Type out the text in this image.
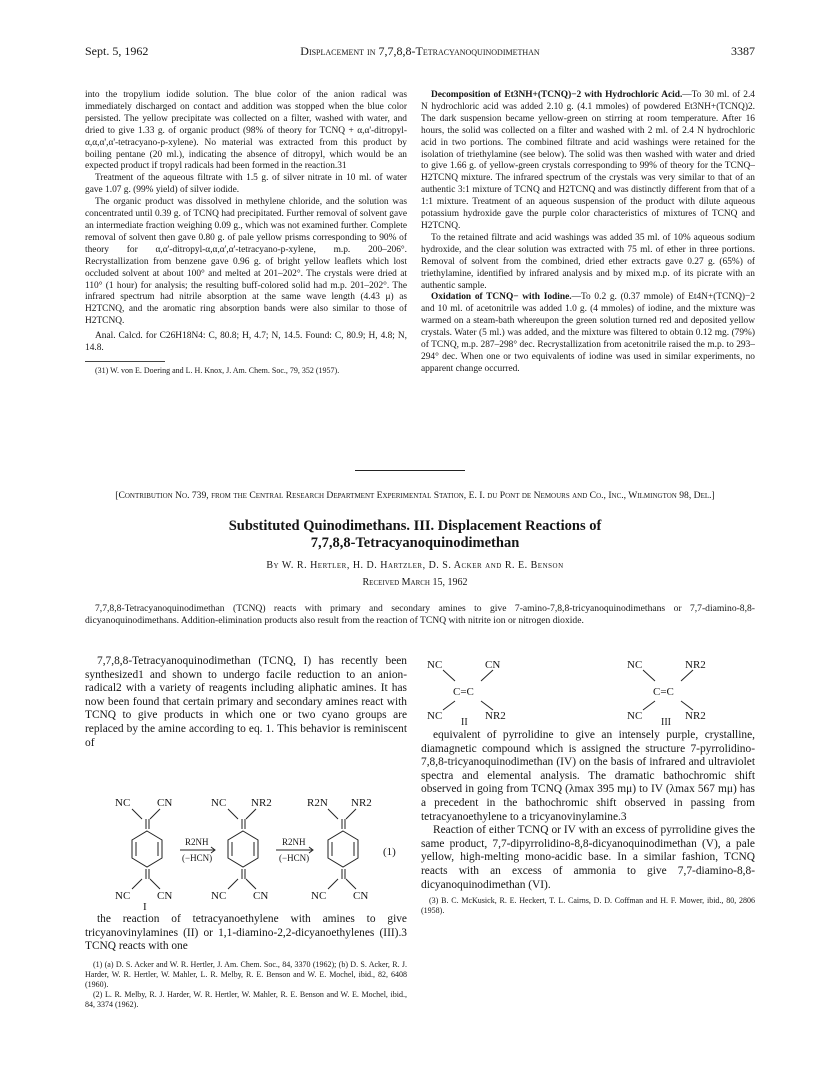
Sept. 5, 1962	Displacement in 7,7,8,8-Tetracyanoquinodimethan	3387

into the tropylium iodide solution. The blue color of the anion radical was immediately discharged on contact and addition was stopped when the blue color persisted. The yellow precipitate was collected on a filter, washed with water, and dried to give 1.33 g. of organic product (98% of theory for TCNQ + α,α'-ditropyl-α,α,α',α'-tetracyano-p-xylene). No material was extracted from this product by boiling pentane (20 ml.), indicating the absence of ditropyl, which would be an expected product if tropyl radicals had been formed in the reaction.31

Treatment of the aqueous filtrate with 1.5 g. of silver nitrate in 10 ml. of water gave 1.07 g. (99% yield) of silver iodide.

The organic product was dissolved in methylene chloride, and the solution was concentrated until 0.39 g. of TCNQ had precipitated. Further removal of solvent gave an intermediate fraction weighing 0.09 g., which was not examined further. Complete removal of solvent then gave 0.80 g. of pale yellow prisms corresponding to 90% of theory for α,α'-ditropyl-α,α,α',α'-tetracyano-p-xylene, m.p. 200–206°. Recrystallization from benzene gave 0.96 g. of bright yellow leaflets which lost occluded solvent at about 100° and melted at 201–202°. The crystals were dried at 110° (1 hour) for analysis; the resulting buff-colored solid had m.p. 201–202°. The infrared spectrum had nitrile absorption at the same wave length (4.43 μ) as H2TCNQ, and the aromatic ring absorption bands were also similar to those of H2TCNQ.

Anal. Calcd. for C26H18N4: C, 80.8; H, 4.7; N, 14.5. Found: C, 80.9; H, 4.8; N, 14.8.

(31) W. von E. Doering and L. H. Knox, J. Am. Chem. Soc., 79, 352 (1957).

Decomposition of Et3NH+(TCNQ)−2 with Hydrochloric Acid.—To 30 ml. of 2.4 N hydrochloric acid was added 2.10 g. (4.1 mmoles) of powdered Et3NH+(TCNQ)2. The dark suspension became yellow-green on stirring at room temperature. After 16 hours, the solid was collected on a filter and washed with 2 ml. of 2.4 N hydrochloric acid in two portions. The combined filtrate and acid washings were retained for the isolation of triethylamine (see below). The solid was then washed with water and dried to give 1.66 g. of yellow-green crystals corresponding to 99% of theory for the TCNQ–H2TCNQ mixture. The infrared spectrum of the crystals was very similar to that of an authentic 3:1 mixture of TCNQ and H2TCNQ and was distinctly different from that of a 1:1 mixture. Treatment of an aqueous suspension of the product with dilute aqueous potassium hydroxide gave the purple color characteristics of mixtures of TCNQ and H2TCNQ.

To the retained filtrate and acid washings was added 35 ml. of 10% aqueous sodium hydroxide, and the clear solution was extracted with 75 ml. of ether in three portions. Removal of solvent from the combined, dried ether extracts gave 0.27 g. (65%) of triethylamine, identified by infrared analysis and by mixed m.p. of its picrate with an authentic sample.

Oxidation of TCNQ− with Iodine.—To 0.2 g. (0.37 mmole) of Et4N+(TCNQ)−2 and 10 ml. of acetonitrile was added 1.0 g. (4 mmoles) of iodine, and the mixture was warmed on a steam-bath whereupon the green solution turned red and deposited yellow crystals. Water (5 ml.) was added, and the mixture was filtered to obtain 0.12 mg. (79%) of TCNQ, m.p. 287–298° dec. Recrystallization from acetonitrile raised the m.p. to 293–294° dec. When one or two equivalents of iodine was used in similar experiments, no apparent change occurred.

[Contribution No. 739, from the Central Research Department Experimental Station, E. I. du Pont de Nemours and Co., Inc., Wilmington 98, Del.]
Substituted Quinodimethans. III. Displacement Reactions of
7,7,8,8-Tetracyanoquinodimethan
By W. R. Hertler, H. D. Hartzler, D. S. Acker and R. E. Benson
Received March 15, 1962
7,7,8,8-Tetracyanoquinodimethan (TCNQ) reacts with primary and secondary amines to give 7-amino-7,8,8-tricyanoquinodimethans or 7,7-diamino-8,8-dicyanoquinodimethans. Addition-elimination products also result from the reaction of TCNQ with nitrite ion or nitrogen dioxide.

7,7,8,8-Tetracyanoquinodimethan (TCNQ, I) has recently been synthesized1 and shown to undergo facile reduction to an anion-radical2 with a variety of reagents including aliphatic amines. It has now been found that certain primary and secondary amines react with TCNQ to give products in which one or two cyano groups are replaced by the amine according to eq. 1. This behavior is reminiscent of

NC CN
NC CN
I
R2NH
(−HCN)
NC NR2
NC CN
R2NH
(−HCN)
R2N NR2
NC CN
(1)

the reaction of tetracyanoethylene with amines to give tricyanovinylamines (II) or 1,1-diamino-2,2-dicyanoethylenes (III).3 TCNQ reacts with one

(1) (a) D. S. Acker and W. R. Hertler, J. Am. Chem. Soc., 84, 3370 (1962); (b) D. S. Acker, R. J. Harder, W. R. Hertler, W. Mahler, L. R. Melby, R. E. Benson and W. E. Mochel, ibid., 82, 6408 (1960).

(2) L. R. Melby, R. J. Harder, W. R. Hertler, W. Mahler, R. E. Benson and W. E. Mochel, ibid., 84, 3374 (1962).

NC	CN
C=C
NC	NR2
II
NC	NR2
C=C
NC	NR2
III

equivalent of pyrrolidine to give an intensely purple, crystalline, diamagnetic compound which is assigned the structure 7-pyrrolidino-7,8,8-tricyanoquinodimethan (IV) on the basis of infrared and ultraviolet spectra and elemental analysis. The dramatic bathochromic shift observed in going from TCNQ (λmax 395 mμ) to IV (λmax 567 mμ) has a precedent in the bathochromic shift observed in passing from tetracyanoethylene to a tricyanovinylamine.3

Reaction of either TCNQ or IV with an excess of pyrrolidine gives the same product, 7,7-dipyrrolidino-8,8-dicyanoquinodimethan (V), a pale yellow, high-melting mono-acidic base. In a similar fashion, TCNQ reacts with an excess of ammonia to give 7,7-diamino-8,8-dicyanoquinodimethan (VI).

(3) B. C. McKusick, R. E. Heckert, T. L. Cairns, D. D. Coffman and H. F. Mower, ibid., 80, 2806 (1958).
